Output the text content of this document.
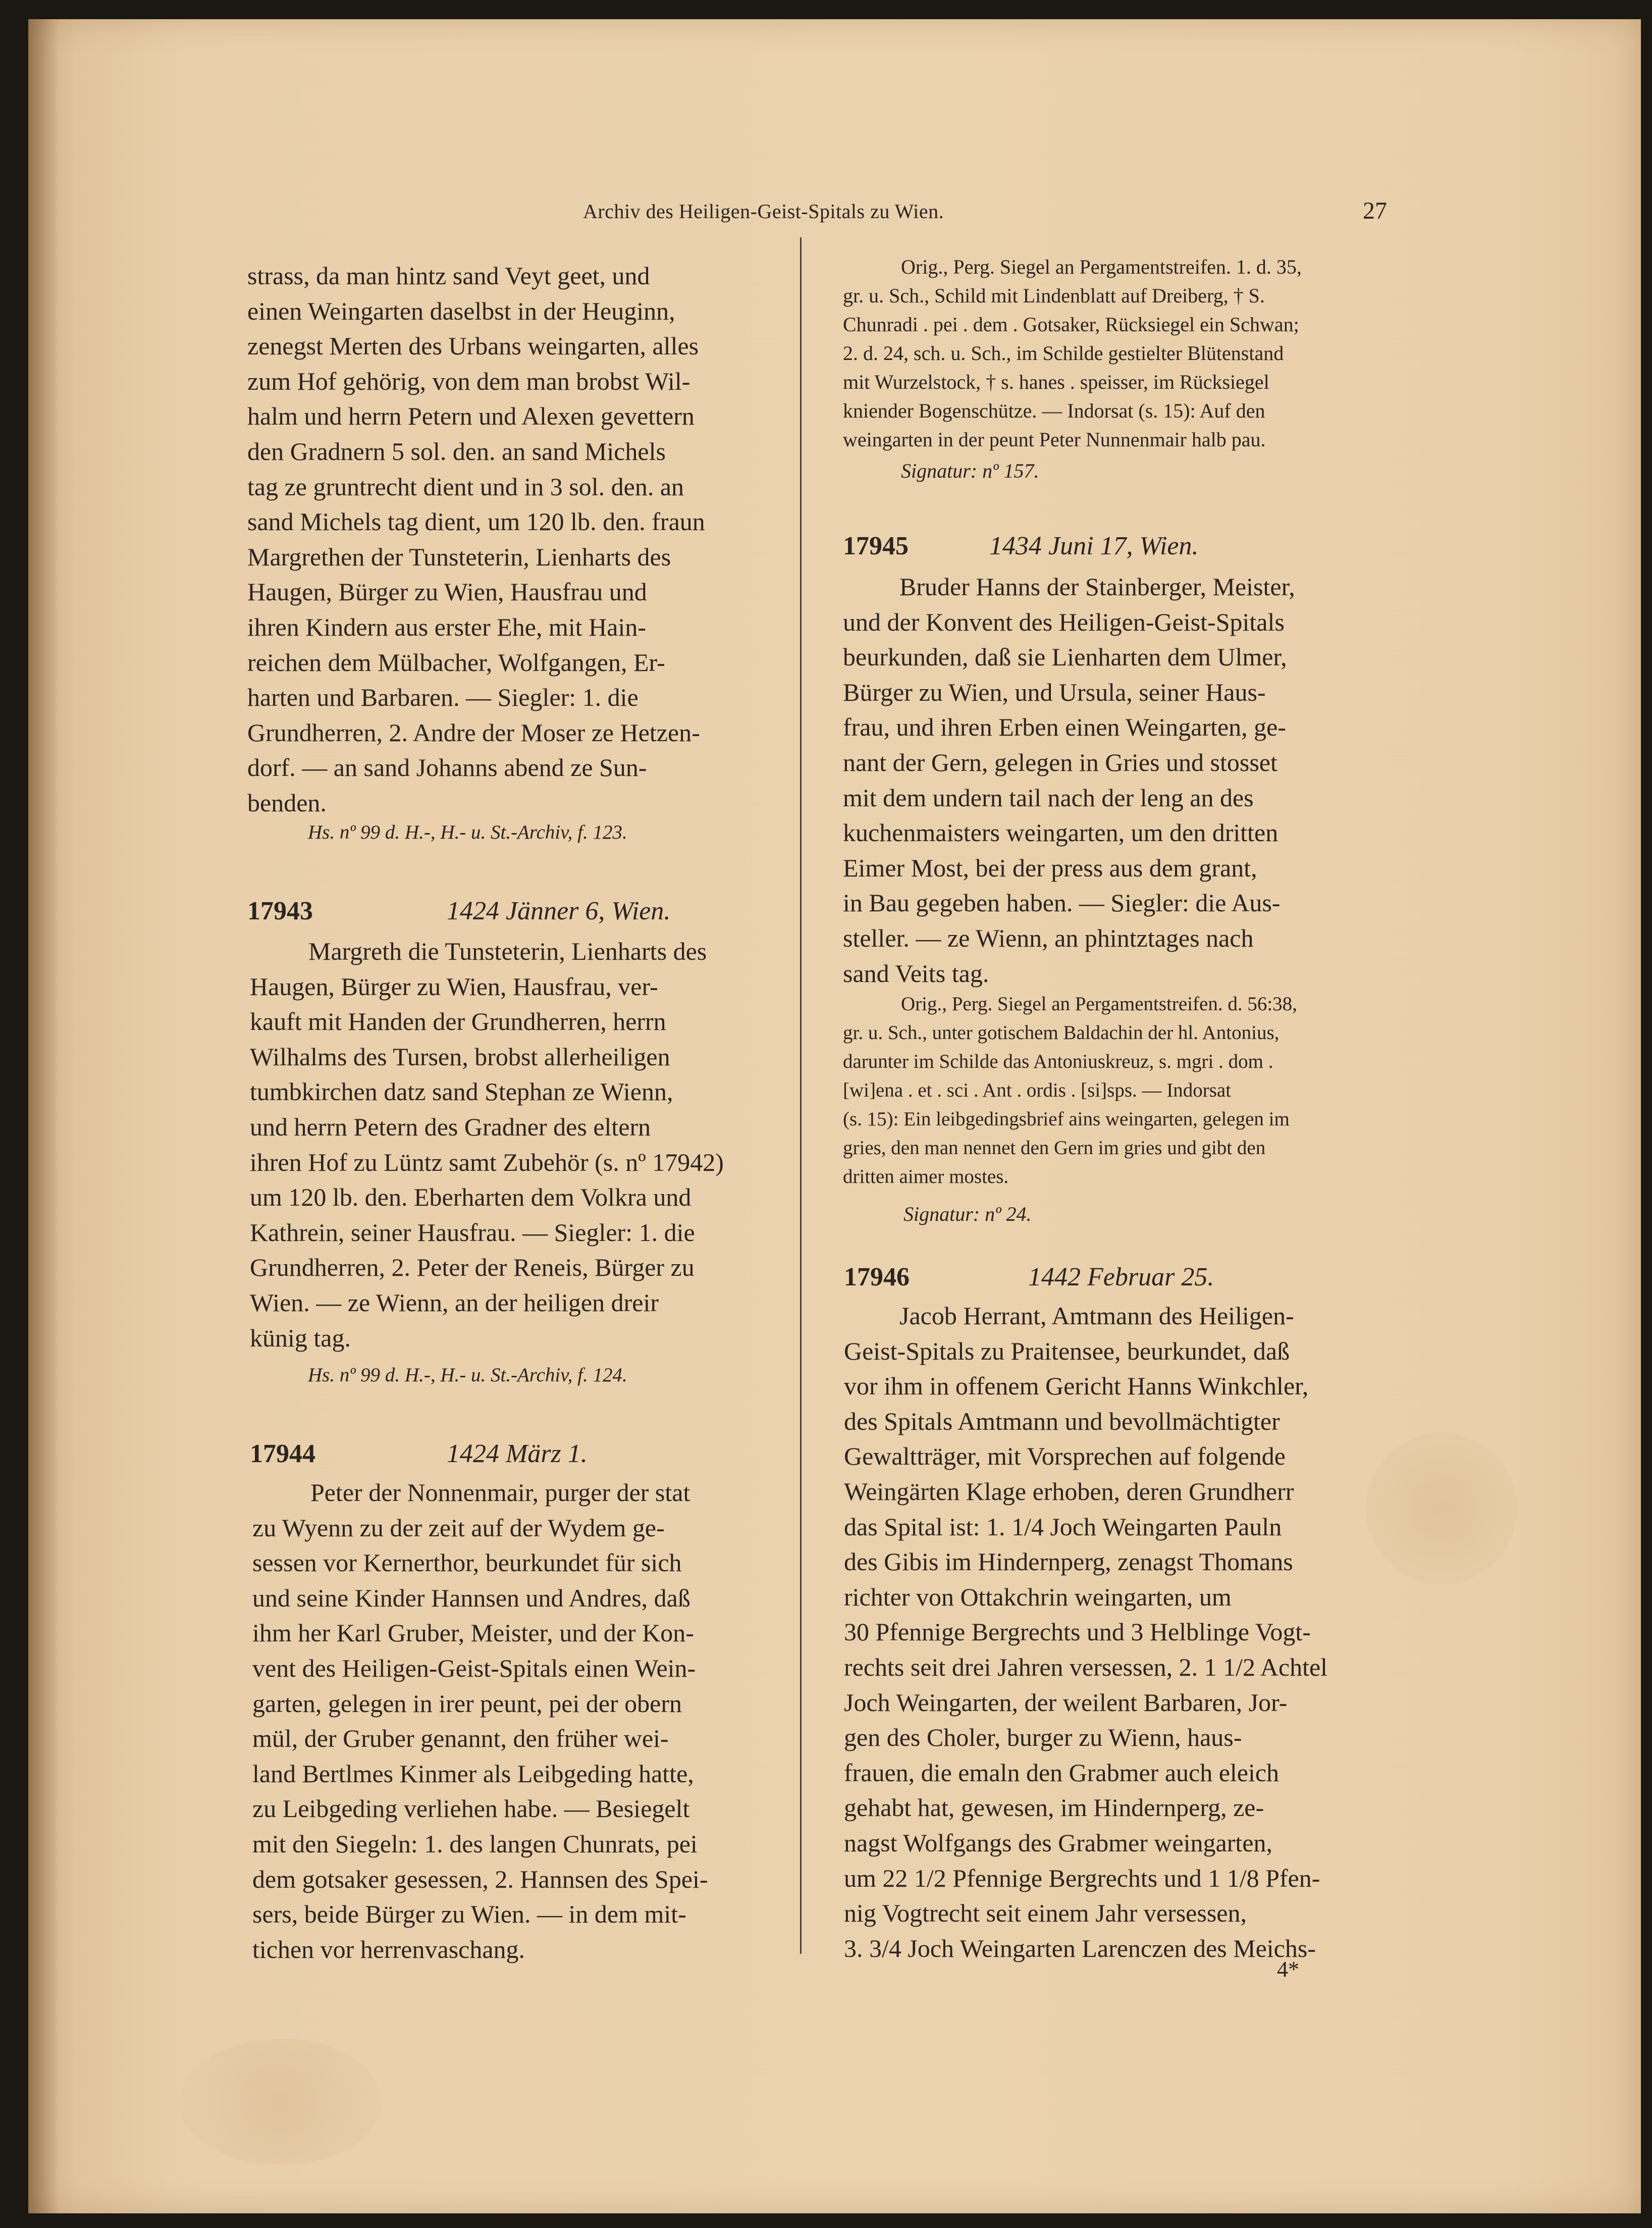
Archiv des Heiligen-Geist-Spitals zu Wien.	27

strass, da man hintz sand Veyt geet, und
einen Weingarten daselbst in der Heuginn,
zenegst Merten des Urbans weingarten, alles
zum Hof gehörig, von dem man brobst Wil-
halm und herrn Petern und Alexen gevettern
den Gradnern 5 sol. den. an sand Michels
tag ze gruntrecht dient und in 3 sol. den. an
sand Michels tag dient, um 120 lb. den. fraun
Margrethen der Tunsteterin, Lienharts des
Haugen, Bürger zu Wien, Hausfrau und
ihren Kindern aus erster Ehe, mit Hain-
reichen dem Mülbacher, Wolfgangen, Er-
harten und Barbaren. — Siegler: 1. die
Grundherren, 2. Andre der Moser ze Hetzen-
dorf. — an sand Johanns abend ze Sun-
benden.

Hs. nº 99 d. H.-, H.- u. St.-Archiv, f. 123.

17943	1424 Jänner 6, Wien.

Margreth die Tunsteterin, Lienharts des
Haugen, Bürger zu Wien, Hausfrau, ver-
kauft mit Handen der Grundherren, herrn
Wilhalms des Tursen, brobst allerheiligen
tumbkirchen datz sand Stephan ze Wienn,
und herrn Petern des Gradner des eltern
ihren Hof zu Lüntz samt Zubehör (s. nº 17942)
um 120 lb. den. Eberharten dem Volkra und
Kathrein, seiner Hausfrau. — Siegler: 1. die
Grundherren, 2. Peter der Reneis, Bürger zu
Wien. — ze Wienn, an der heiligen dreir
künig tag.

Hs. nº 99 d. H.-, H.- u. St.-Archiv, f. 124.

17944	1424 März 1.

Peter der Nonnenmair, purger der stat
zu Wyenn zu der zeit auf der Wydem ge-
sessen vor Kernerthor, beurkundet für sich
und seine Kinder Hannsen und Andres, daß
ihm her Karl Gruber, Meister, und der Kon-
vent des Heiligen-Geist-Spitals einen Wein-
garten, gelegen in irer peunt, pei der obern
mül, der Gruber genannt, den früher wei-
land Bertlmes Kinmer als Leibgeding hatte,
zu Leibgeding verliehen habe. — Besiegelt
mit den Siegeln: 1. des langen Chunrats, pei
dem gotsaker gesessen, 2. Hannsen des Spei-
sers, beide Bürger zu Wien. — in dem mit-
tichen vor herrenvaschang.

Orig., Perg. Siegel an Pergamentstreifen. 1. d. 35,
gr. u. Sch., Schild mit Lindenblatt auf Dreiberg, † S.
Chunradi . pei . dem . Gotsaker, Rücksiegel ein Schwan;
2. d. 24, sch. u. Sch., im Schilde gestielter Blütenstand
mit Wurzelstock, † s. hanes . speisser, im Rücksiegel
kniender Bogenschütze. — Indorsat (s. 15): Auf den
weingarten in der peunt Peter Nunnenmair halb pau.

Signatur: nº 157.

17945	1434 Juni 17, Wien.

Bruder Hanns der Stainberger, Meister,
und der Konvent des Heiligen-Geist-Spitals
beurkunden, daß sie Lienharten dem Ulmer,
Bürger zu Wien, und Ursula, seiner Haus-
frau, und ihren Erben einen Weingarten, ge-
nant der Gern, gelegen in Gries und stosset
mit dem undern tail nach der leng an des
kuchenmaisters weingarten, um den dritten
Eimer Most, bei der press aus dem grant,
in Bau gegeben haben. — Siegler: die Aus-
steller. — ze Wienn, an phintztages nach
sand Veits tag.

Orig., Perg. Siegel an Pergamentstreifen. d. 56:38,
gr. u. Sch., unter gotischem Baldachin der hl. Antonius,
darunter im Schilde das Antoniuskreuz, s. mgri . dom .
[wi]ena . et . sci . Ant . ordis . [si]sps. — Indorsat
(s. 15): Ein leibgedingsbrief ains weingarten, gelegen im
gries, den man nennet den Gern im gries und gibt den
dritten aimer mostes.

Signatur: nº 24.

17946	1442 Februar 25.

Jacob Herrant, Amtmann des Heiligen-
Geist-Spitals zu Praitensee, beurkundet, daß
vor ihm in offenem Gericht Hanns Winkchler,
des Spitals Amtmann und bevollmächtigter
Gewaltträger, mit Vorsprechen auf folgende
Weingärten Klage erhoben, deren Grundherr
das Spital ist: 1. 1/4 Joch Weingarten Pauln
des Gibis im Hindernperg, zenagst Thomans
richter von Ottakchrin weingarten, um
30 Pfennige Bergrechts und 3 Helblinge Vogt-
rechts seit drei Jahren versessen, 2. 1 1/2 Achtel
Joch Weingarten, der weilent Barbaren, Jor-
gen des Choler, burger zu Wienn, haus-
frauen, die emaln den Grabmer auch eleich
gehabt hat, gewesen, im Hindernperg, ze-
nagst Wolfgangs des Grabmer weingarten,
um 22 1/2 Pfennige Bergrechts und 1 1/8 Pfen-
nig Vogtrecht seit einem Jahr versessen,
3. 3/4 Joch Weingarten Larenczen des Meichs-

4*
